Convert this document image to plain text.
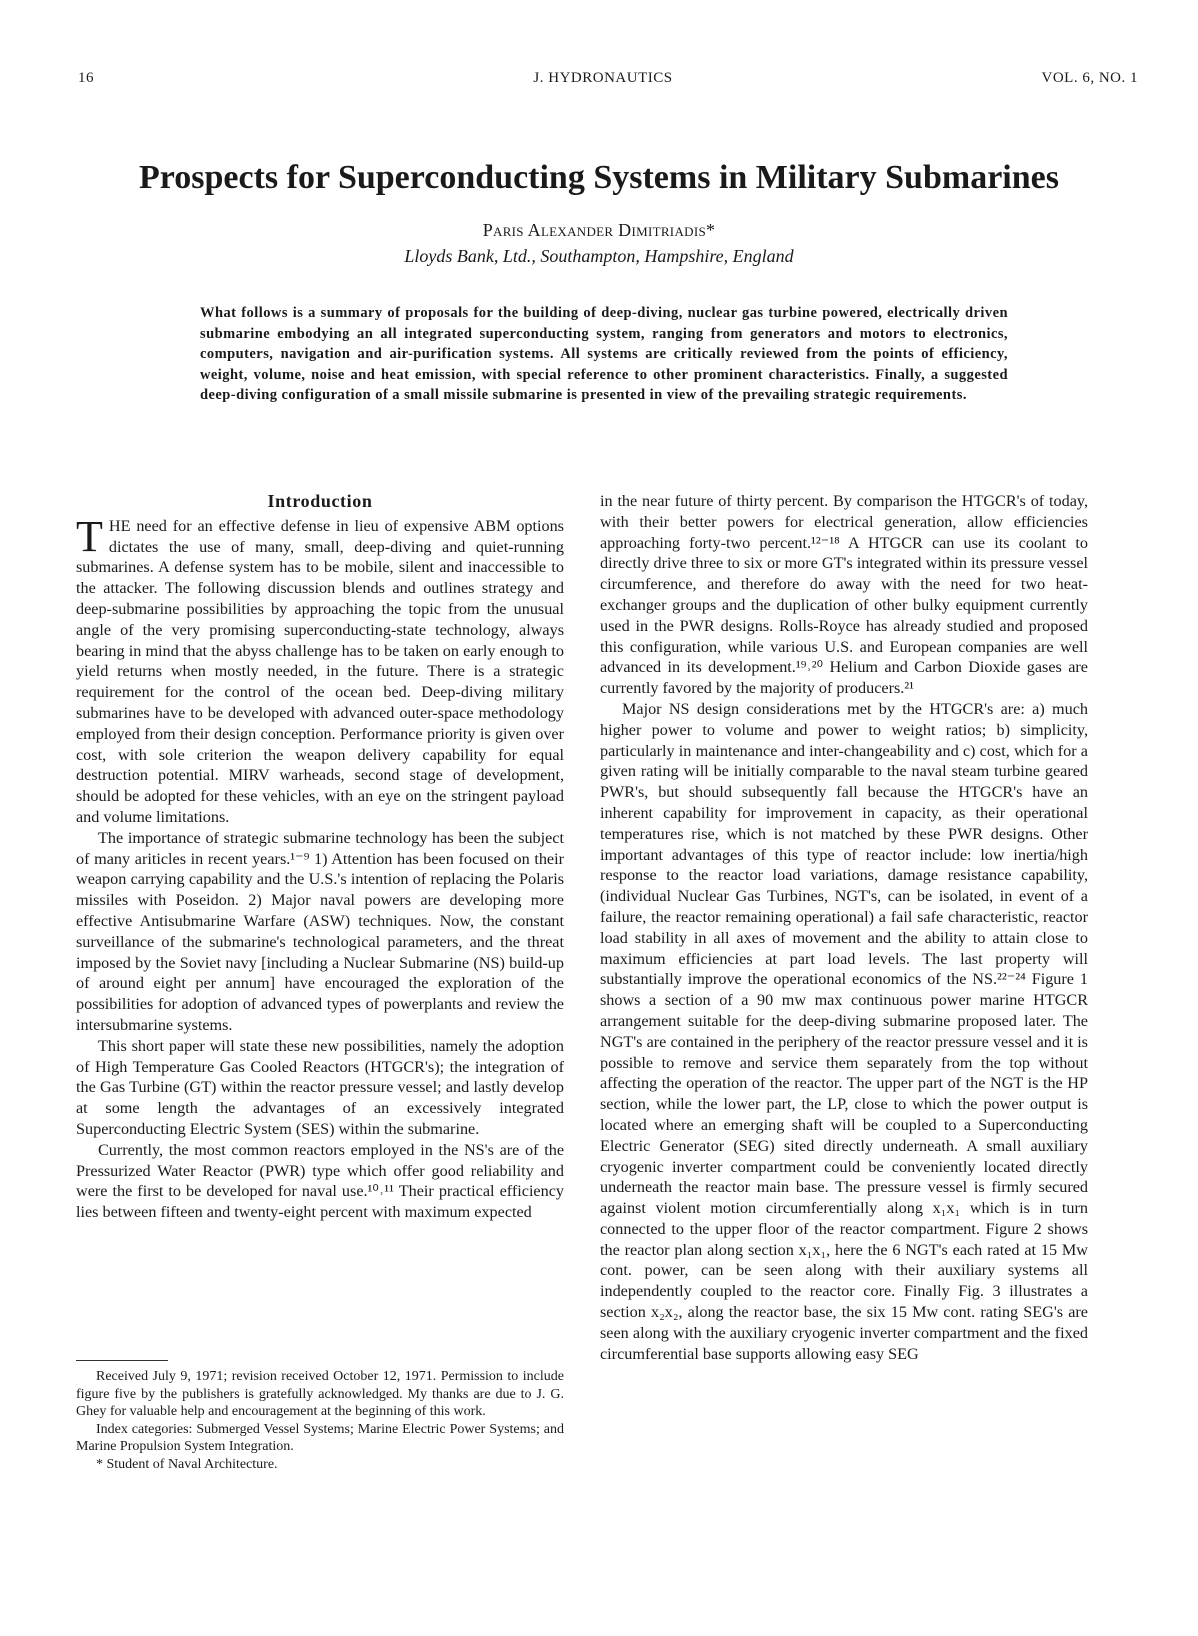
16	J. HYDRONAUTICS	VOL. 6, NO. 1
Prospects for Superconducting Systems in Military Submarines
Paris Alexander Dimitriadis*
Lloyds Bank, Ltd., Southampton, Hampshire, England

What follows is a summary of proposals for the building of deep-diving, nuclear gas turbine powered, electrically driven submarine embodying an all integrated superconducting system, ranging from generators and motors to electronics, computers, navigation and air-purification systems. All systems are critically reviewed from the points of efficiency, weight, volume, noise and heat emission, with special reference to other prominent characteristics. Finally, a suggested deep-diving configuration of a small missile submarine is presented in view of the prevailing strategic requirements.

Introduction

THE need for an effective defense in lieu of expensive ABM options dictates the use of many, small, deep-diving and quiet-running submarines. A defense system has to be mobile, silent and inaccessible to the attacker. The following discussion blends and outlines strategy and deep-submarine possibilities by approaching the topic from the unusual angle of the very promising superconducting-state technology, always bearing in mind that the abyss challenge has to be taken on early enough to yield returns when mostly needed, in the future. There is a strategic requirement for the control of the ocean bed. Deep-diving military submarines have to be developed with advanced outer-space methodology employed from their design conception. Performance priority is given over cost, with sole criterion the weapon delivery capability for equal destruction potential. MIRV warheads, second stage of development, should be adopted for these vehicles, with an eye on the stringent payload and volume limitations.

The importance of strategic submarine technology has been the subject of many ariticles in recent years.¹⁻⁹ 1) Attention has been focused on their weapon carrying capability and the U.S.'s intention of replacing the Polaris missiles with Poseidon. 2) Major naval powers are developing more effective Antisubmarine Warfare (ASW) techniques. Now, the constant surveillance of the submarine's technological parameters, and the threat imposed by the Soviet navy [including a Nuclear Submarine (NS) build-up of around eight per annum] have encouraged the exploration of the possibilities for adoption of advanced types of powerplants and review the intersubmarine systems.

This short paper will state these new possibilities, namely the adoption of High Temperature Gas Cooled Reactors (HTGCR's); the integration of the Gas Turbine (GT) within the reactor pressure vessel; and lastly develop at some length the advantages of an excessively integrated Superconducting Electric System (SES) within the submarine.

Currently, the most common reactors employed in the NS's are of the Pressurized Water Reactor (PWR) type which offer good reliability and were the first to be developed for naval use.¹⁰˒¹¹ Their practical efficiency lies between fifteen and twenty-eight percent with maximum expected

Received July 9, 1971; revision received October 12, 1971. Permission to include figure five by the publishers is gratefully acknowledged. My thanks are due to J. G. Ghey for valuable help and encouragement at the beginning of this work.

Index categories: Submerged Vessel Systems; Marine Electric Power Systems; and Marine Propulsion System Integration.

* Student of Naval Architecture.

in the near future of thirty percent. By comparison the HTGCR's of today, with their better powers for electrical generation, allow efficiencies approaching forty-two percent.¹²⁻¹⁸ A HTGCR can use its coolant to directly drive three to six or more GT's integrated within its pressure vessel circumference, and therefore do away with the need for two heat-exchanger groups and the duplication of other bulky equipment currently used in the PWR designs. Rolls-Royce has already studied and proposed this configuration, while various U.S. and European companies are well advanced in its development.¹⁹˒²⁰ Helium and Carbon Dioxide gases are currently favored by the majority of producers.²¹

Major NS design considerations met by the HTGCR's are: a) much higher power to volume and power to weight ratios; b) simplicity, particularly in maintenance and inter-changeability and c) cost, which for a given rating will be initially comparable to the naval steam turbine geared PWR's, but should subsequently fall because the HTGCR's have an inherent capability for improvement in capacity, as their operational temperatures rise, which is not matched by these PWR designs. Other important advantages of this type of reactor include: low inertia/high response to the reactor load variations, damage resistance capability, (individual Nuclear Gas Turbines, NGT's, can be isolated, in event of a failure, the reactor remaining operational) a fail safe characteristic, reactor load stability in all axes of movement and the ability to attain close to maximum efficiencies at part load levels. The last property will substantially improve the operational economics of the NS.²²⁻²⁴ Figure 1 shows a section of a 90 mw max continuous power marine HTGCR arrangement suitable for the deep-diving submarine proposed later. The NGT's are contained in the periphery of the reactor pressure vessel and it is possible to remove and service them separately from the top without affecting the operation of the reactor. The upper part of the NGT is the HP section, while the lower part, the LP, close to which the power output is located where an emerging shaft will be coupled to a Superconducting Electric Generator (SEG) sited directly underneath. A small auxiliary cryogenic inverter compartment could be conveniently located directly underneath the reactor main base. The pressure vessel is firmly secured against violent motion circumferentially along x₁x₁ which is in turn connected to the upper floor of the reactor compartment. Figure 2 shows the reactor plan along section x₁x₁, here the 6 NGT's each rated at 15 Mw cont. power, can be seen along with their auxiliary systems all independently coupled to the reactor core. Finally Fig. 3 illustrates a section x₂x₂, along the reactor base, the six 15 Mw cont. rating SEG's are seen along with the auxiliary cryogenic inverter compartment and the fixed circumferential base supports allowing easy SEG
